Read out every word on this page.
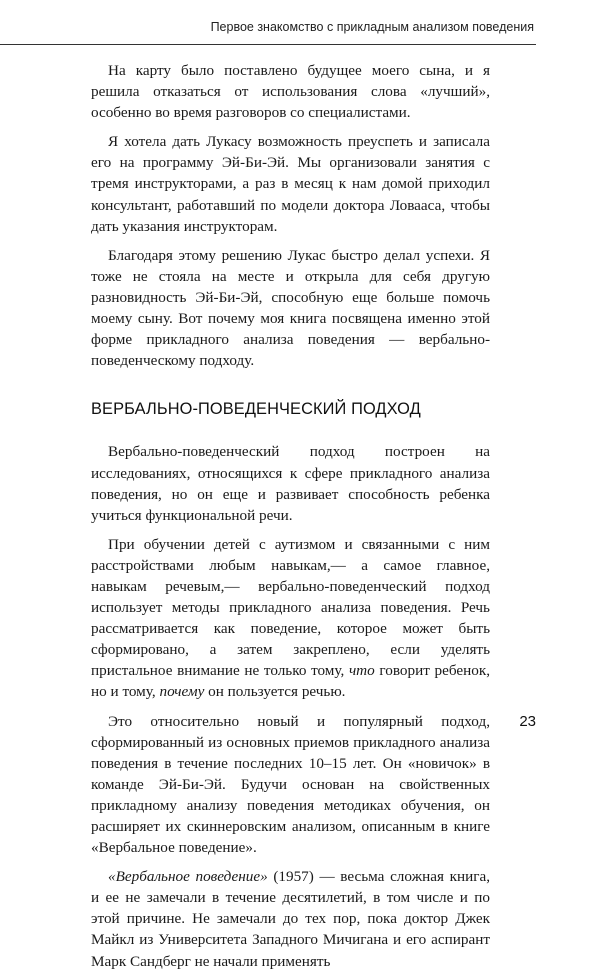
Первое знакомство с прикладным анализом поведения

На карту было поставлено будущее моего сына, и я решила отказаться от использования слова «лучший», особенно во время разговоров со специалистами.

Я хотела дать Лукасу возможность преуспеть и записала его на программу Эй-Би-Эй. Мы организовали занятия с тремя инструкторами, а раз в месяц к нам домой приходил консультант, работавший по модели доктора Ловааса, чтобы дать указания инструкторам.

Благодаря этому решению Лукас быстро делал успехи. Я тоже не стояла на месте и открыла для себя другую разновидность Эй-Би-Эй, способную еще больше помочь моему сыну. Вот почему моя книга посвящена именно этой форме прикладного анализа поведения — вербально-поведенческому подходу.

ВЕРБАЛЬНО-ПОВЕДЕНЧЕСКИЙ ПОДХОД

Вербально-поведенческий подход построен на исследованиях, относящихся к сфере прикладного анализа поведения, но он еще и развивает способность ребенка учиться функциональной речи.

При обучении детей с аутизмом и связанными с ним расстройствами любым навыкам,— а самое главное, навыкам речевым,— вербально-поведенческий подход использует методы прикладного анализа поведения. Речь рассматривается как поведение, которое может быть сформировано, а затем закреплено, если уделять пристальное внимание не только тому, что говорит ребенок, но и тому, почему он пользуется речью.

Это относительно новый и популярный подход, сформированный из основных приемов прикладного анализа поведения в течение последних 10–15 лет. Он «новичок» в команде Эй-Би-Эй. Будучи основан на свойственных прикладному анализу поведения методиках обучения, он расширяет их скиннеровским анализом, описанным в книге «Вербальное поведение».

«Вербальное поведение» (1957) — весьма сложная книга, и ее не замечали в течение десятилетий, в том числе и по этой причине. Не замечали до тех пор, пока доктор Джек Майкл из Университета Западного Мичигана и его аспирант Марк Сандберг не начали применять

23
